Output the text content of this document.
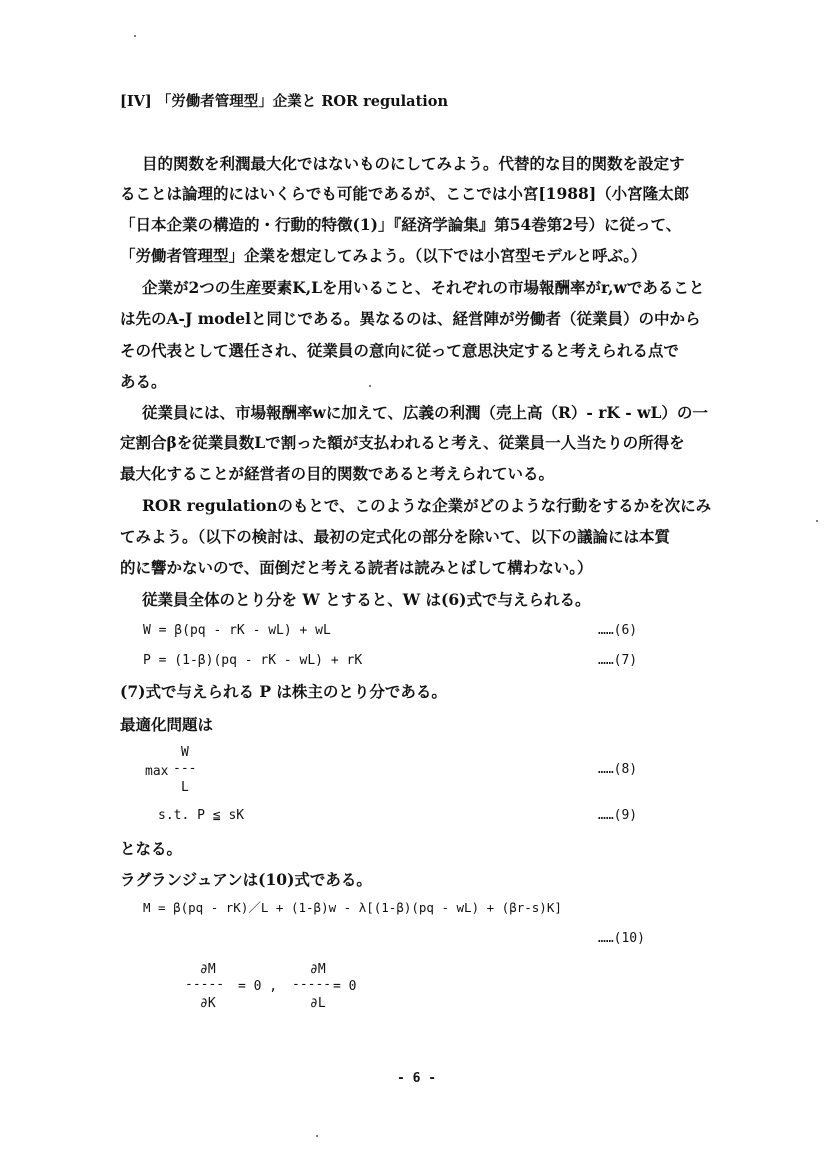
[IV] 「労働者管理型」企業と ROR regulation
目的関数を利潤最大化ではないものにしてみよう。代替的な目的関数を設定す
ることは論理的にはいくらでも可能であるが、ここでは小宮[1988]（小宮隆太郎
「日本企業の構造的・行動的特徴(1)」『経済学論集』第54巻第2号）に従って、
「労働者管理型」企業を想定してみよう。（以下では小宮型モデルと呼ぶ。）
企業が2つの生産要素K,Lを用いること、それぞれの市場報酬率がr,wであること
は先のA-J modelと同じである。異なるのは、経営陣が労働者（従業員）の中から
その代表として選任され、従業員の意向に従って意思決定すると考えられる点で
ある。
従業員には、市場報酬率wに加えて、広義の利潤（売上高（R）- rK - wL）の一
定割合βを従業員数Lで割った額が支払われると考え、従業員一人当たりの所得を
最大化することが経営者の目的関数であると考えられている。
ROR regulationのもとで、このような企業がどのような行動をするかを次にみ
てみよう。（以下の検討は、最初の定式化の部分を除いて、以下の議論には本質
的に響かないので、面倒だと考える読者は読みとばして構わない。）
従業員全体のとり分を W とすると、W は(6)式で与えられる。
W = β(pq - rK - wL) + wL	……(6)
P = (1-β)(pq - rK - wL) + rK	……(7)
(7)式で与えられる P は株主のとり分である。
最適化問題は
W
max ---
L
……(8)
s.t. P ≦ sK	……(9)
となる。
ラグランジュアンは(10)式である。
M = β(pq - rK)／L + (1-β)w - λ[(1-β)(pq - wL) + (βr-s)K]
……(10)
∂M
----- = 0 ,
∂K
∂M
----- = 0
∂L
- 6 -
